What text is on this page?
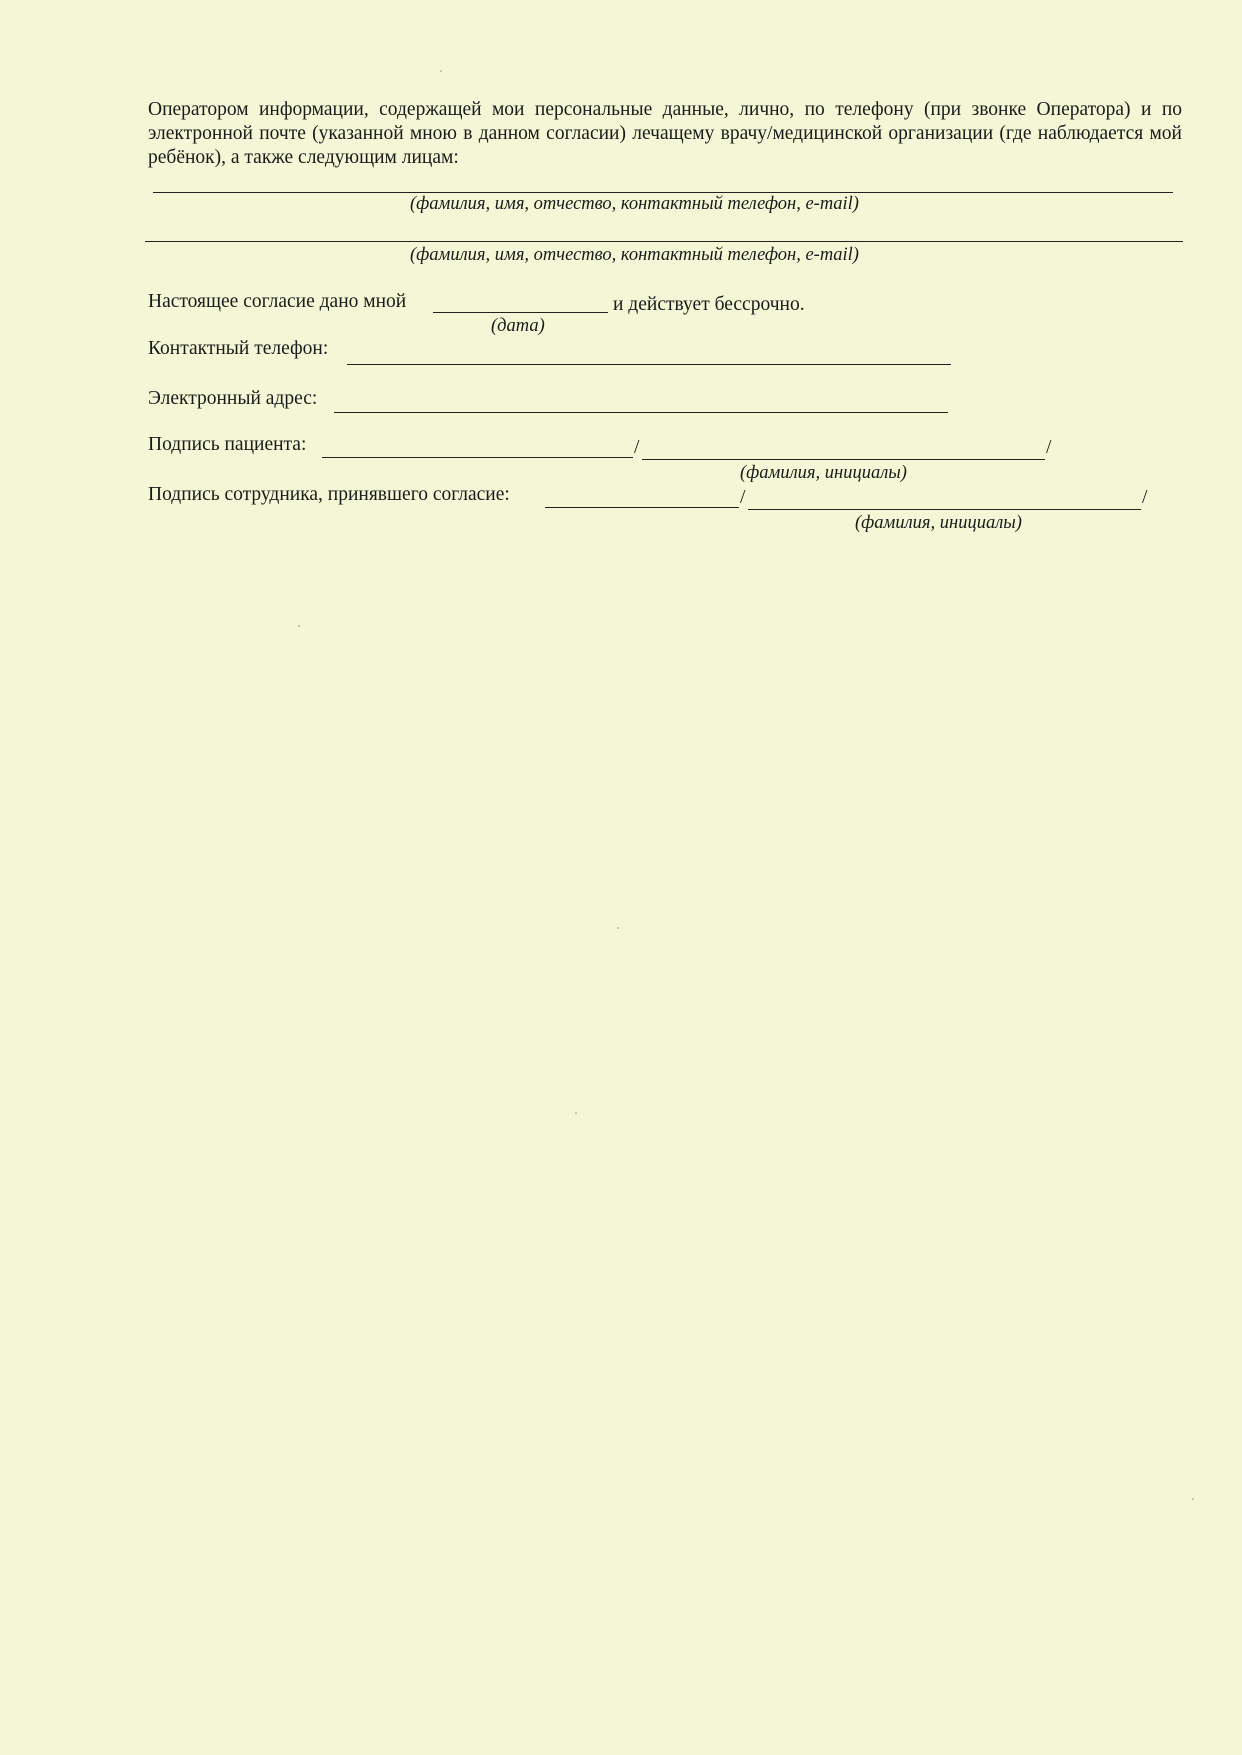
Оператором информации, содержащей мои персональные данные, лично, по телефону (при звонке Оператора) и по электронной почте (указанной мною в данном согласии) лечащему врачу/медицинской организации (где наблюдается мой ребёнок), а также следующим лицам:
(фамилия, имя, отчество, контактный телефон, e-mail)
(фамилия, имя, отчество, контактный телефон, e-mail)
Настоящее согласие дано мной	и действует бессрочно.
(дата)
Контактный телефон:
Электронный адрес:
Подпись пациента:	/	/
(фамилия, инициалы)
Подпись сотрудника, принявшего согласие:	/	/
(фамилия, инициалы)
